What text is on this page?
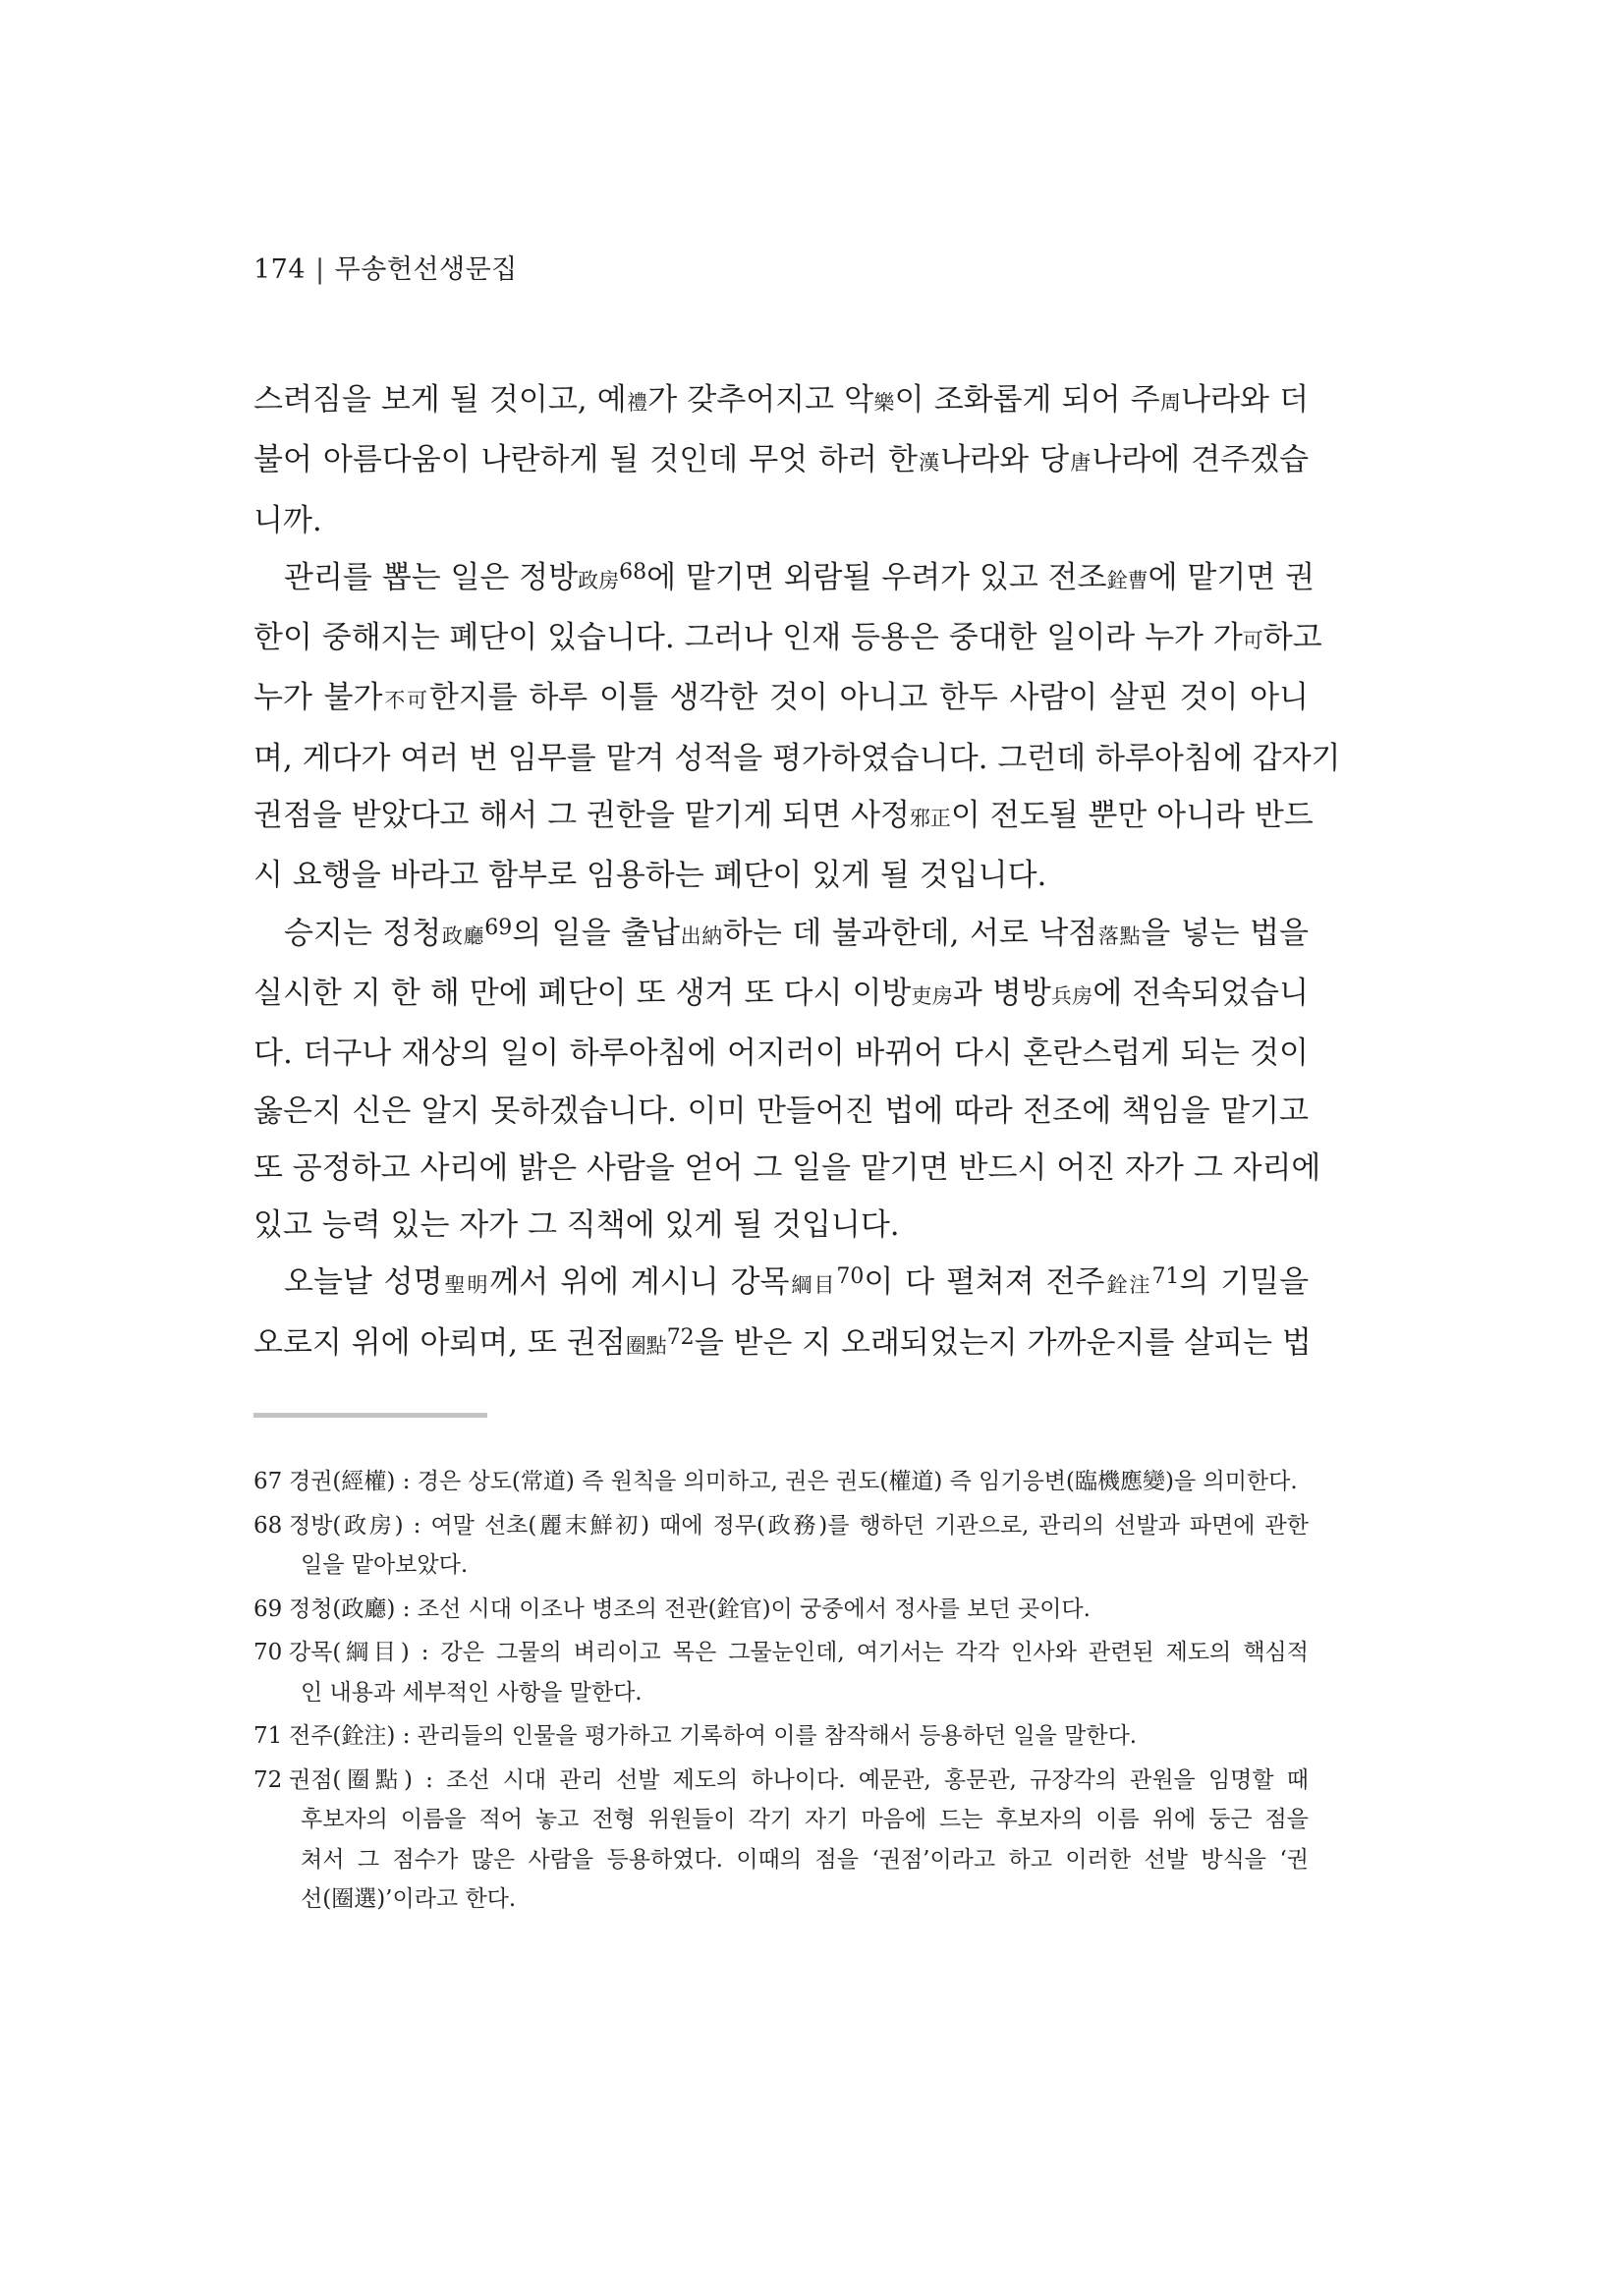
174 | 무송헌선생문집
스려짐을 보게 될 것이고, 예禮가 갖추어지고 악樂이 조화롭게 되어 주周나라와 더
불어 아름다움이 나란하게 될 것인데 무엇 하러 한漢나라와 당唐나라에 견주겠습
니까.
관리를 뽑는 일은 정방政房$^{68}$에 맡기면 외람될 우려가 있고 전조銓曹에 맡기면 권
한이 중해지는 폐단이 있습니다. 그러나 인재 등용은 중대한 일이라 누가 가可하고
누가 불가不可한지를 하루 이틀 생각한 것이 아니고 한두 사람이 살핀 것이 아니
며, 게다가 여러 번 임무를 맡겨 성적을 평가하였습니다. 그런데 하루아침에 갑자기
권점을 받았다고 해서 그 권한을 맡기게 되면 사정邪正이 전도될 뿐만 아니라 반드
시 요행을 바라고 함부로 임용하는 폐단이 있게 될 것입니다.
승지는 정청政廳$^{69}$의 일을 출납出納하는 데 불과한데, 서로 낙점落點을 넣는 법을
실시한 지 한 해 만에 폐단이 또 생겨 또 다시 이방吏房과 병방兵房에 전속되었습니
다. 더구나 재상의 일이 하루아침에 어지러이 바뀌어 다시 혼란스럽게 되는 것이
옳은지 신은 알지 못하겠습니다. 이미 만들어진 법에 따라 전조에 책임을 맡기고
또 공정하고 사리에 밝은 사람을 얻어 그 일을 맡기면 반드시 어진 자가 그 자리에
있고 능력 있는 자가 그 직책에 있게 될 것입니다.
오늘날 성명聖明께서 위에 계시니 강목綱目$^{70}$이 다 펼쳐져 전주銓注$^{71}$의 기밀을
오로지 위에 아뢰며, 또 권점圈點$^{72}$을 받은 지 오래되었는지 가까운지를 살피는 법
67 경권(經權) : 경은 상도(常道) 즉 원칙을 의미하고, 권은 권도(權道) 즉 임기응변(臨機應變)을 의미한다.
68 정방(政房) : 여말 선초(麗末鮮初) 때에 정무(政務)를 행하던 기관으로, 관리의 선발과 파면에 관한
일을 맡아보았다.
69 정청(政廳) : 조선 시대 이조나 병조의 전관(銓官)이 궁중에서 정사를 보던 곳이다.
70 강목(綱目) : 강은 그물의 벼리이고 목은 그물눈인데, 여기서는 각각 인사와 관련된 제도의 핵심적
인 내용과 세부적인 사항을 말한다.
71 전주(銓注) : 관리들의 인물을 평가하고 기록하여 이를 참작해서 등용하던 일을 말한다.
72 권점(圈點) : 조선 시대 관리 선발 제도의 하나이다. 예문관, 홍문관, 규장각의 관원을 임명할 때
후보자의 이름을 적어 놓고 전형 위원들이 각기 자기 마음에 드는 후보자의 이름 위에 둥근 점을
쳐서 그 점수가 많은 사람을 등용하였다. 이때의 점을 ‘권점’이라고 하고 이러한 선발 방식을 ‘권
선(圈選)’이라고 한다.
